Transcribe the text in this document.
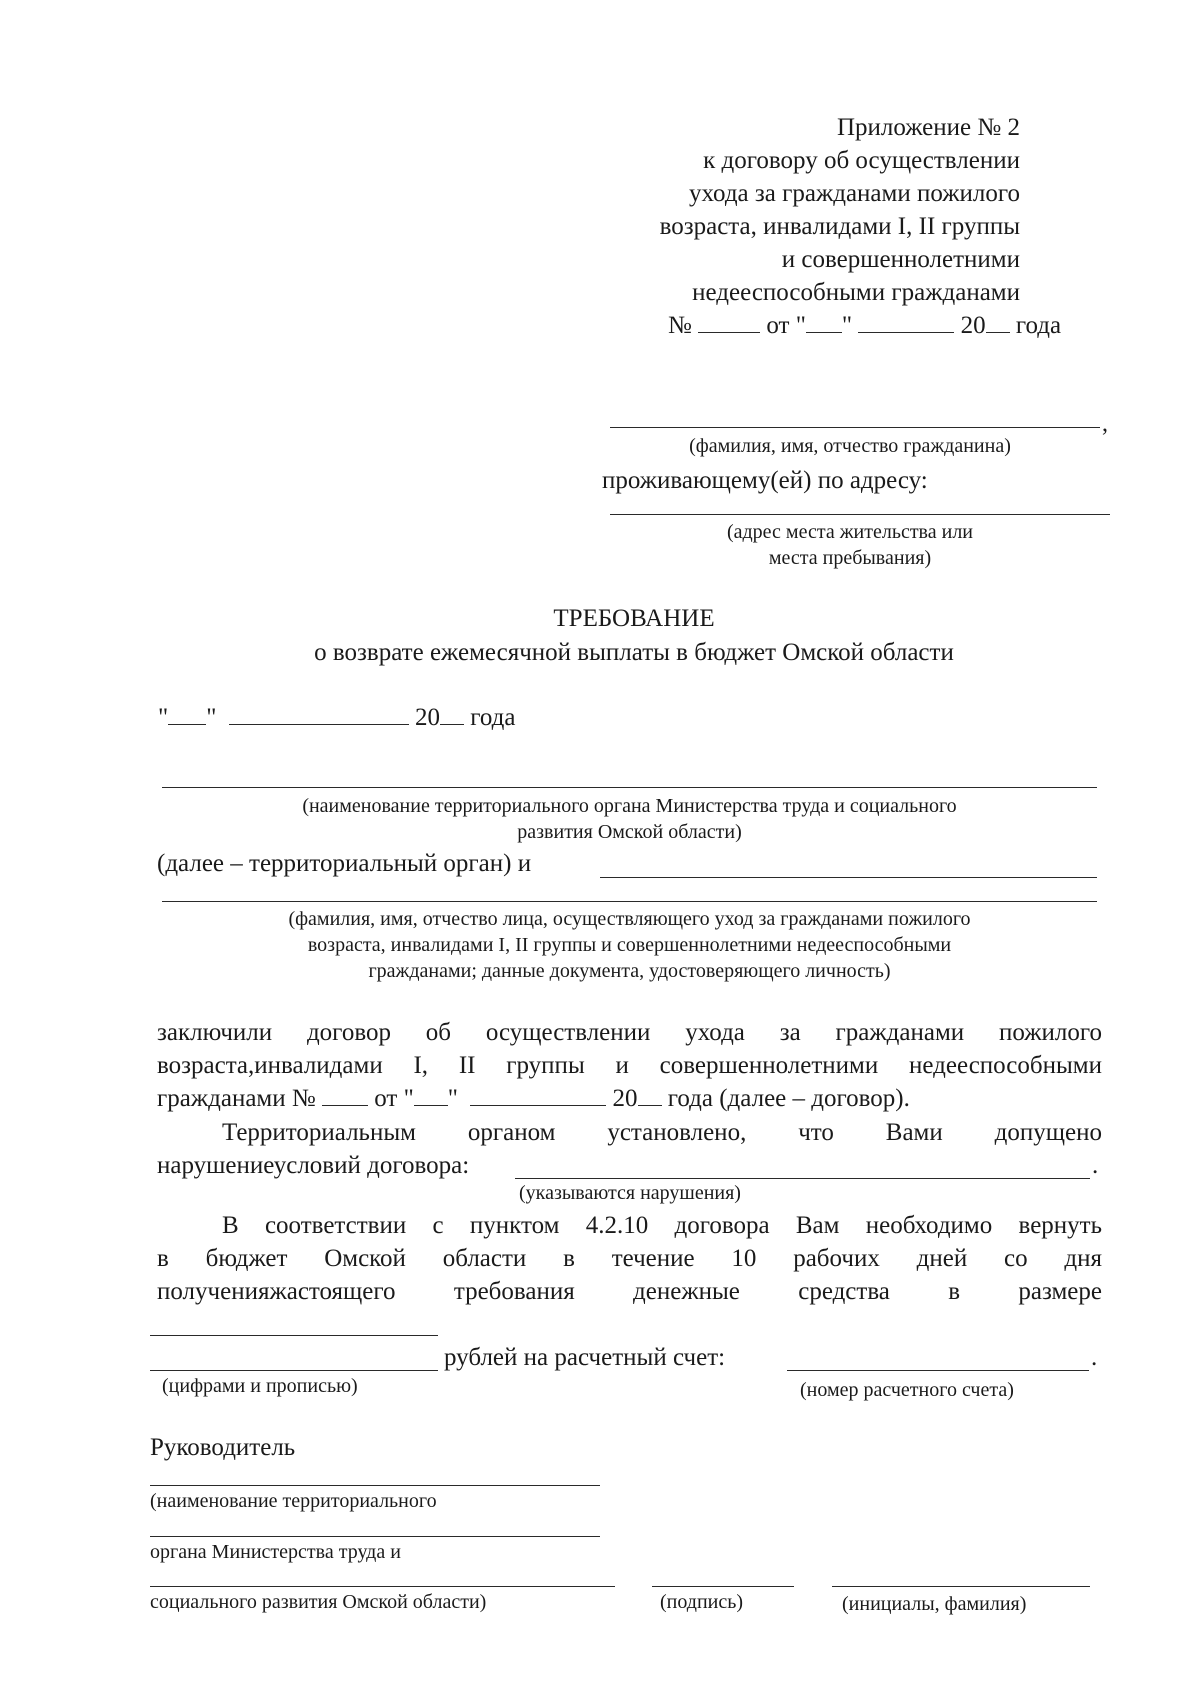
Приложение № 2
к договору об осуществлении
ухода за гражданами пожилого
возраста, инвалидами I, II группы
и совершеннолетними
недееспособными гражданами
№	от " "	20 года
,
(фамилия, имя, отчество гражданина)
проживающему(ей) по адресу:
(адрес места жительства или
места пребывания)
ТРЕБОВАНИЕ
о возврате ежемесячной выплаты в бюджет Омской области
" "	20 года
(наименование территориального органа Министерства труда и социального
развития Омской области)
(далее – территориальный орган) и
(фамилия, имя, отчество лица, осуществляющего уход за гражданами пожилого
возраста, инвалидами I, II группы и совершеннолетними недееспособными
гражданами; данные документа, удостоверяющего личность)
заключили договор об осуществлении ухода за гражданами пожилого
возраста,инвалидами I, II группы и совершеннолетними недееспособными
гражданами № от " "	20 года (далее – договор).
Территориальным органом установлено, что Вами допущено
нарушениеусловий договора:	.
(указываются нарушения)
В соответствии с пунктом 4.2.10 договора Вам необходимо вернуть
в бюджет Омской области в течение 10 рабочих дней со дня
полученияжастоящего требования денежные средства в размере
рублей на расчетный счет:	.
(цифрами и прописью)	(номер расчетного счета)
Руководитель
(наименование территориального
органа Министерства труда и
социального развития Омской области)	(подпись)	(инициалы, фамилия)
